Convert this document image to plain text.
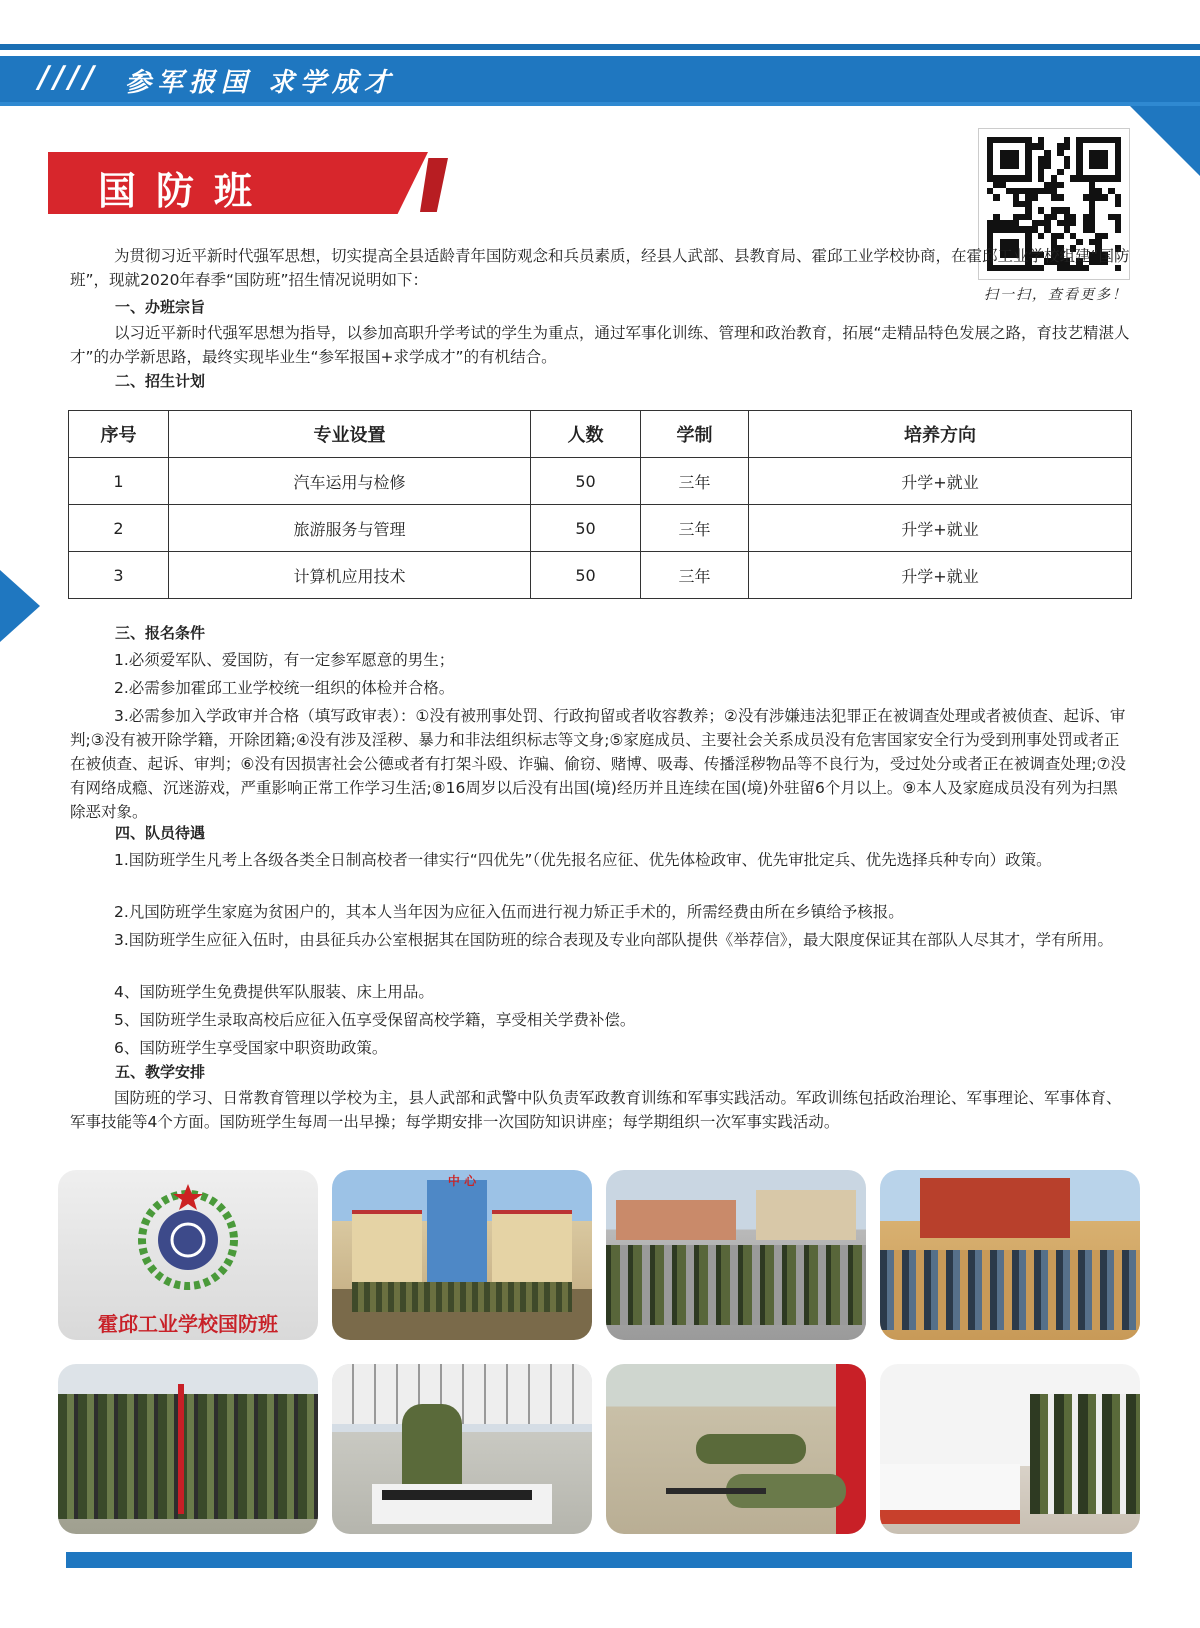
//// 参军报国 求学成才
国防班
扫一扫，查看更多！
为贯彻习近平新时代强军思想，切实提高全县适龄青年国防观念和兵员素质，经县人武部、县教育局、霍邱工业学校协商，在霍邱工业学校组建“国防班”，现就2020年春季“国防班”招生情况说明如下：
一、办班宗旨
以习近平新时代强军思想为指导，以参加高职升学考试的学生为重点，通过军事化训练、管理和政治教育，拓展“走精品特色发展之路，育技艺精湛人才”的办学新思路，最终实现毕业生“参军报国+求学成才”的有机结合。
二、招生计划
序号	专业设置	人数	学制	培养方向
1	汽车运用与检修	50	三年	升学+就业
2	旅游服务与管理	50	三年	升学+就业
3	计算机应用技术	50	三年	升学+就业
三、报名条件
1.必须爱军队、爱国防，有一定参军愿意的男生；
2.必需参加霍邱工业学校统一组织的体检并合格。
3.必需参加入学政审并合格（填写政审表）：①没有被刑事处罚、行政拘留或者收容教养；②没有涉嫌违法犯罪正在被调查处理或者被侦查、起诉、审判;③没有被开除学籍，开除团籍;④没有涉及淫秽、暴力和非法组织标志等文身;⑤家庭成员、主要社会关系成员没有危害国家安全行为受到刑事处罚或者正在被侦查、起诉、审判；⑥没有因损害社会公德或者有打架斗殴、诈骗、偷窃、赌博、吸毒、传播淫秽物品等不良行为，受过处分或者正在被调查处理;⑦没有网络成瘾、沉迷游戏，严重影响正常工作学习生活;⑧16周岁以后没有出国(境)经历并且连续在国(境)外驻留6个月以上。⑨本人及家庭成员没有列为扫黑除恶对象。
四、队员待遇
1.国防班学生凡考上各级各类全日制高校者一律实行“四优先”（优先报名应征、优先体检政审、优先审批定兵、优先选择兵种专向）政策。
2.凡国防班学生家庭为贫困户的，其本人当年因为应征入伍而进行视力矫正手术的，所需经费由所在乡镇给予核报。
3.国防班学生应征入伍时，由县征兵办公室根据其在国防班的综合表现及专业向部队提供《举荐信》，最大限度保证其在部队人尽其才，学有所用。
4、国防班学生免费提供军队服装、床上用品。
5、国防班学生录取高校后应征入伍享受保留高校学籍，享受相关学费补偿。
6、国防班学生享受国家中职资助政策。
五、教学安排
国防班的学习、日常教育管理以学校为主，县人武部和武警中队负责军政教育训练和军事实践活动。军政训练包括政治理论、军事理论、军事体育、军事技能等4个方面。国防班学生每周一出早操；每学期安排一次国防知识讲座；每学期组织一次军事实践活动。
霍邱工业学校国防班
中 心
